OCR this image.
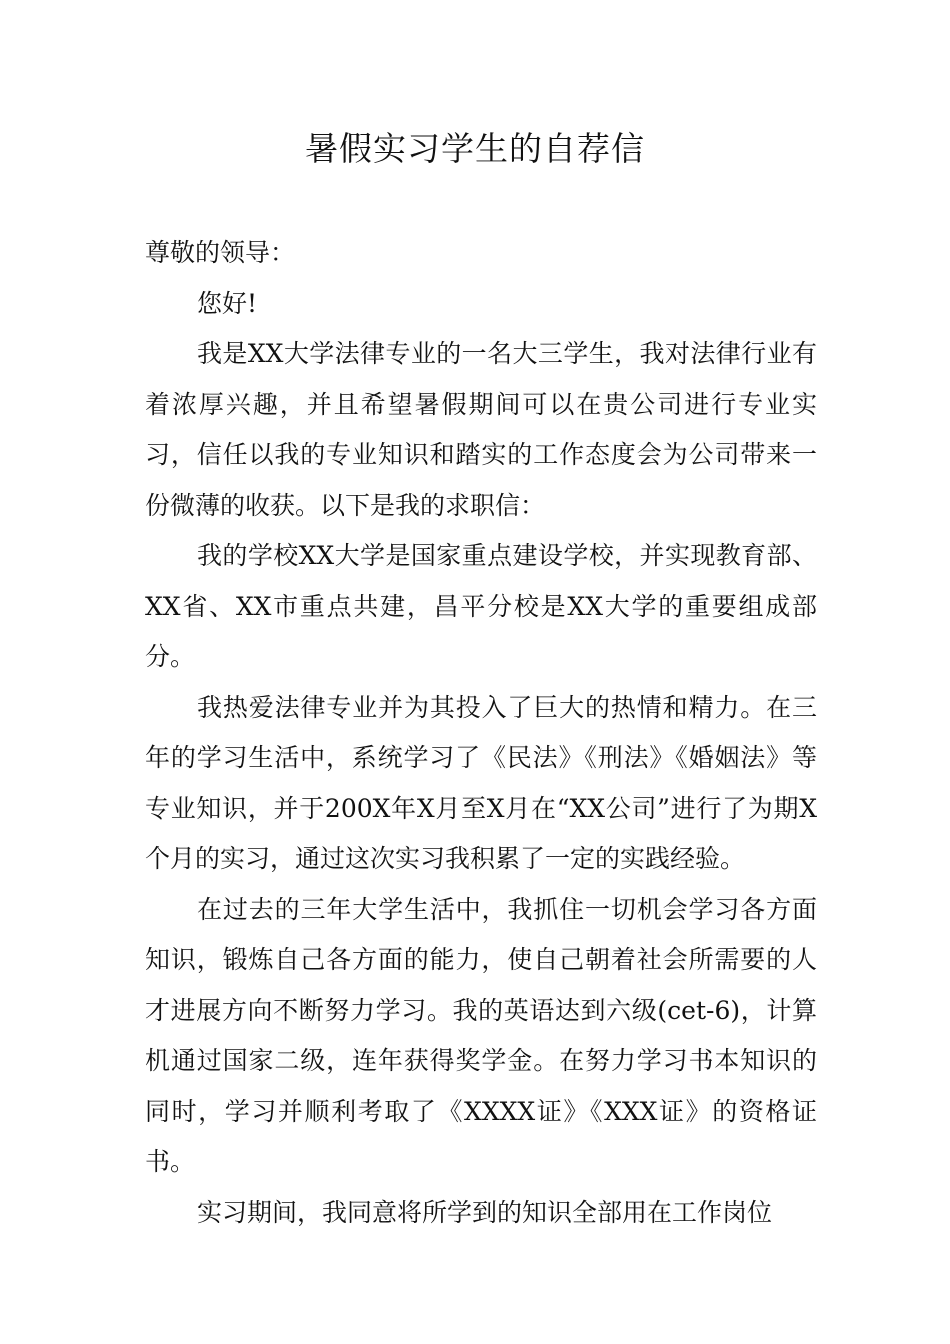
暑假实习学生的自荐信

尊敬的领导：

您好!

我是XX大学法律专业的一名大三学生，我对法律行业有着浓厚兴趣，并且希望暑假期间可以在贵公司进行专业实习，信任以我的专业知识和踏实的工作态度会为公司带来一份微薄的收获。以下是我的求职信：

我的学校XX大学是国家重点建设学校，并实现教育部、XX省、XX市重点共建，昌平分校是XX大学的重要组成部分。

我热爱法律专业并为其投入了巨大的热情和精力。在三年的学习生活中，系统学习了《民法》《刑法》《婚姻法》等专业知识，并于200X年X月至X月在“XX公司”进行了为期X个月的实习，通过这次实习我积累了一定的实践经验。

在过去的三年大学生活中，我抓住一切机会学习各方面知识，锻炼自己各方面的能力，使自己朝着社会所需要的人才进展方向不断努力学习。我的英语达到六级(cet-6)，计算机通过国家二级，连年获得奖学金。在努力学习书本知识的同时，学习并顺利考取了《XXXX证》《XXX证》的资格证书。

实习期间，我同意将所学到的知识全部用在工作岗位
